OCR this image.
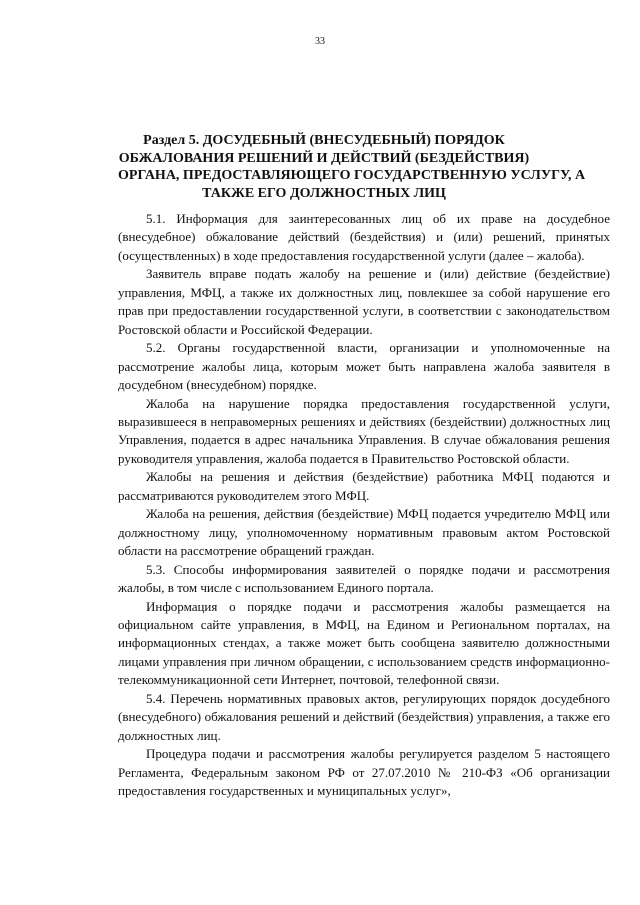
33
Раздел 5. ДОСУДЕБНЫЙ (ВНЕСУДЕБНЫЙ) ПОРЯДОК
ОБЖАЛОВАНИЯ РЕШЕНИЙ И ДЕЙСТВИЙ (БЕЗДЕЙСТВИЯ)
ОРГАНА, ПРЕДОСТАВЛЯЮЩЕГО ГОСУДАРСТВЕННУЮ УСЛУГУ, А
ТАКЖЕ ЕГО ДОЛЖНОСТНЫХ ЛИЦ

5.1. Информация для заинтересованных лиц об их праве на досудебное (внесудебное) обжалование действий (бездействия) и (или) решений, принятых (осуществленных) в ходе предоставления государственной услуги (далее – жалоба).

Заявитель вправе подать жалобу на решение и (или) действие (бездействие) управления, МФЦ, а также их должностных лиц, повлекшее за собой нарушение его прав при предоставлении государственной услуги, в соответствии с законодательством Ростовской области и Российской Федерации.

5.2. Органы государственной власти, организации и уполномоченные на рассмотрение жалобы лица, которым может быть направлена жалоба заявителя в досудебном (внесудебном) порядке.

Жалоба на нарушение порядка предоставления государственной услуги, выразившееся в неправомерных решениях и действиях (бездействии) должностных лиц Управления, подается в адрес начальника Управления. В случае обжалования решения руководителя управления, жалоба подается в Правительство Ростовской области.

Жалобы на решения и действия (бездействие) работника МФЦ подаются и рассматриваются руководителем этого МФЦ.

Жалоба на решения, действия (бездействие) МФЦ подается учредителю МФЦ или должностному лицу, уполномоченному нормативным правовым актом Ростовской области на рассмотрение обращений граждан.

5.3. Способы информирования заявителей о порядке подачи и рассмотрения жалобы, в том числе с использованием Единого портала.

Информация о порядке подачи и рассмотрения жалобы размещается на официальном сайте управления, в МФЦ, на Едином и Региональном порталах, на информационных стендах, а также может быть сообщена заявителю должностными лицами управления при личном обращении, с использованием средств информационно-телекоммуникационной сети Интернет, почтовой, телефонной связи.

5.4. Перечень нормативных правовых актов, регулирующих порядок досудебного (внесудебного) обжалования решений и действий (бездействия) управления, а также его должностных лиц.

Процедура подачи и рассмотрения жалобы регулируется разделом 5 настоящего Регламента, Федеральным законом РФ от 27.07.2010 № 210-ФЗ «Об организации предоставления государственных и муниципальных услуг»,
